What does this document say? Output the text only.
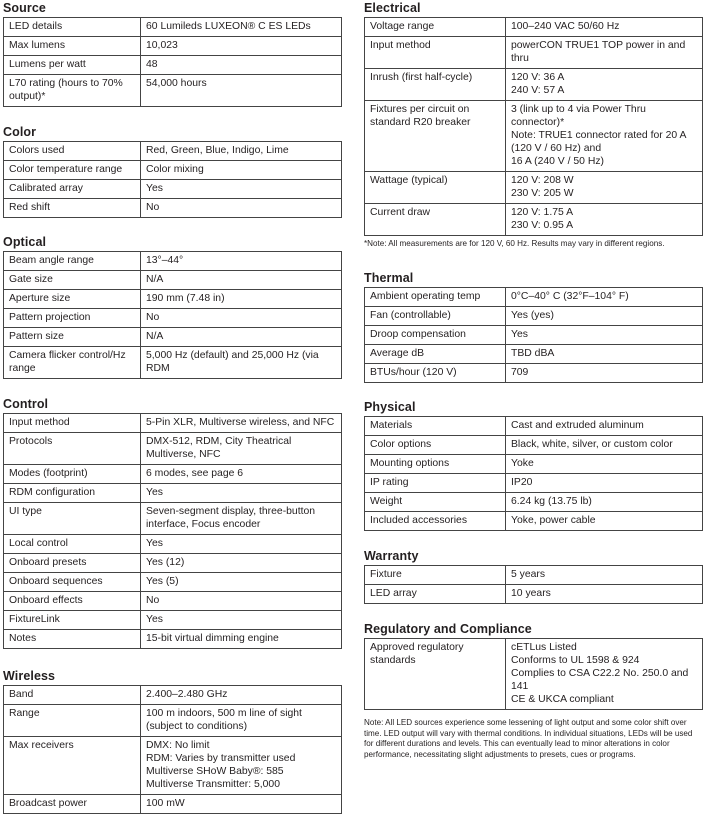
Source
LED details	60 Lumileds LUXEON® C ES LEDs
Max lumens	10,023
Lumens per watt	48
L70 rating (hours to 70% output)*	54,000 hours
Color
Colors used	Red, Green, Blue, Indigo, Lime
Color temperature range	Color mixing
Calibrated array	Yes
Red shift	No
Optical
Beam angle range	13°–44°
Gate size	N/A
Aperture size	190 mm (7.48 in)
Pattern projection	No
Pattern size	N/A
Camera flicker control/Hz range	5,000 Hz (default) and 25,000 Hz (via RDM
Control
Input method	5-Pin XLR, Multiverse wireless, and NFC
Protocols	DMX-512, RDM, City Theatrical Multiverse, NFC
Modes (footprint)	6 modes, see page 6
RDM configuration	Yes
UI type	Seven-segment display, three-button interface, Focus encoder
Local control	Yes
Onboard presets	Yes (12)
Onboard sequences	Yes (5)
Onboard effects	No
FixtureLink	Yes
Notes	15-bit virtual dimming engine
Wireless
Band	2.400–2.480 GHz
Range	100 m indoors, 500 m line of sight (subject to conditions)
Max receivers	DMX: No limit
RDM: Varies by transmitter used
Multiverse SHoW Baby®: 585
Multiverse Transmitter: 5,000
Broadcast power	100 mW
Electrical
Voltage range	100–240 VAC 50/60 Hz
Input method	powerCON TRUE1 TOP power in and thru
Inrush (first half-cycle)	120 V: 36 A
240 V: 57 A
Fixtures per circuit on standard R20 breaker	3 (link up to 4 via Power Thru connector)*
Note: TRUE1 connector rated for 20 A (120 V / 60 Hz) and
16 A (240 V / 50 Hz)
Wattage (typical)	120 V: 208 W
230 V: 205 W
Current draw	120 V: 1.75 A
230 V: 0.95 A
*Note: All measurements are for 120 V, 60 Hz. Results may vary in different regions.
Thermal
Ambient operating temp	0°C–40° C (32°F–104° F)
Fan (controllable)	Yes (yes)
Droop compensation	Yes
Average dB	TBD dBA
BTUs/hour (120 V)	709
Physical
Materials	Cast and extruded aluminum
Color options	Black, white, silver, or custom color
Mounting options	Yoke
IP rating	IP20
Weight	6.24 kg (13.75 lb)
Included accessories	Yoke, power cable
Warranty
Fixture	5 years
LED array	10 years
Regulatory and Compliance
Approved regulatory standards	cETLus Listed
Conforms to UL 1598 & 924
Complies to CSA C22.2 No. 250.0 and 141
CE & UKCA compliant
Note: All LED sources experience some lessening of light output and some color shift over time. LED output will vary with thermal conditions. In individual situations, LEDs will be used for different durations and levels. This can eventually lead to minor alterations in color performance, necessitating slight adjustments to presets, cues or programs.
